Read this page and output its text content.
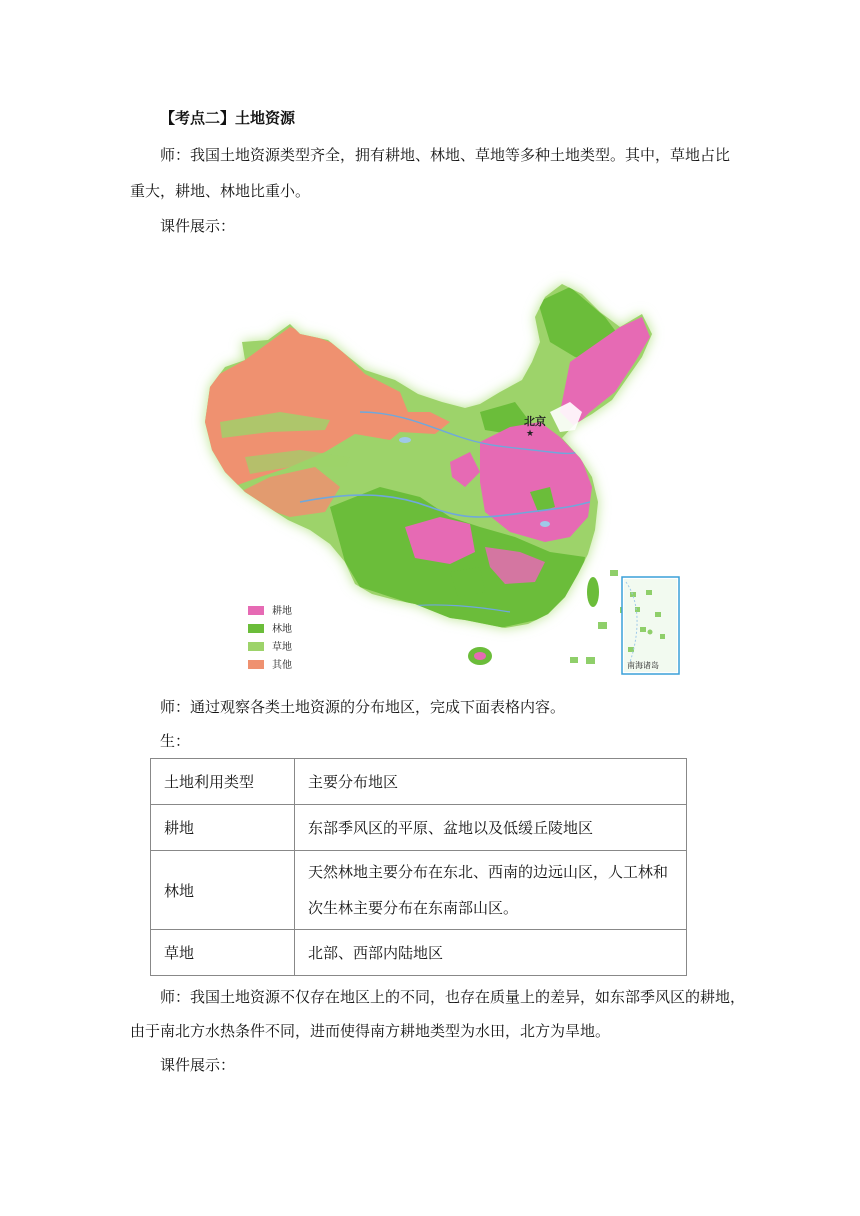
【考点二】土地资源
师：我国土地资源类型齐全，拥有耕地、林地、草地等多种土地类型。其中，草地占比
重大，耕地、林地比重小。
课件展示：
北京
★
南海诸岛
耕地
林地
草地
其他
师：通过观察各类土地资源的分布地区，完成下面表格内容。
生：
土地利用类型	主要分布地区
耕地	东部季风区的平原、盆地以及低缓丘陵地区
林地	天然林地主要分布在东北、西南的边远山区，人工林和
次生林主要分布在东南部山区。

草地	北部、西部内陆地区
师：我国土地资源不仅存在地区上的不同，也存在质量上的差异，如东部季风区的耕地，
由于南北方水热条件不同，进而使得南方耕地类型为水田，北方为旱地。
课件展示：
